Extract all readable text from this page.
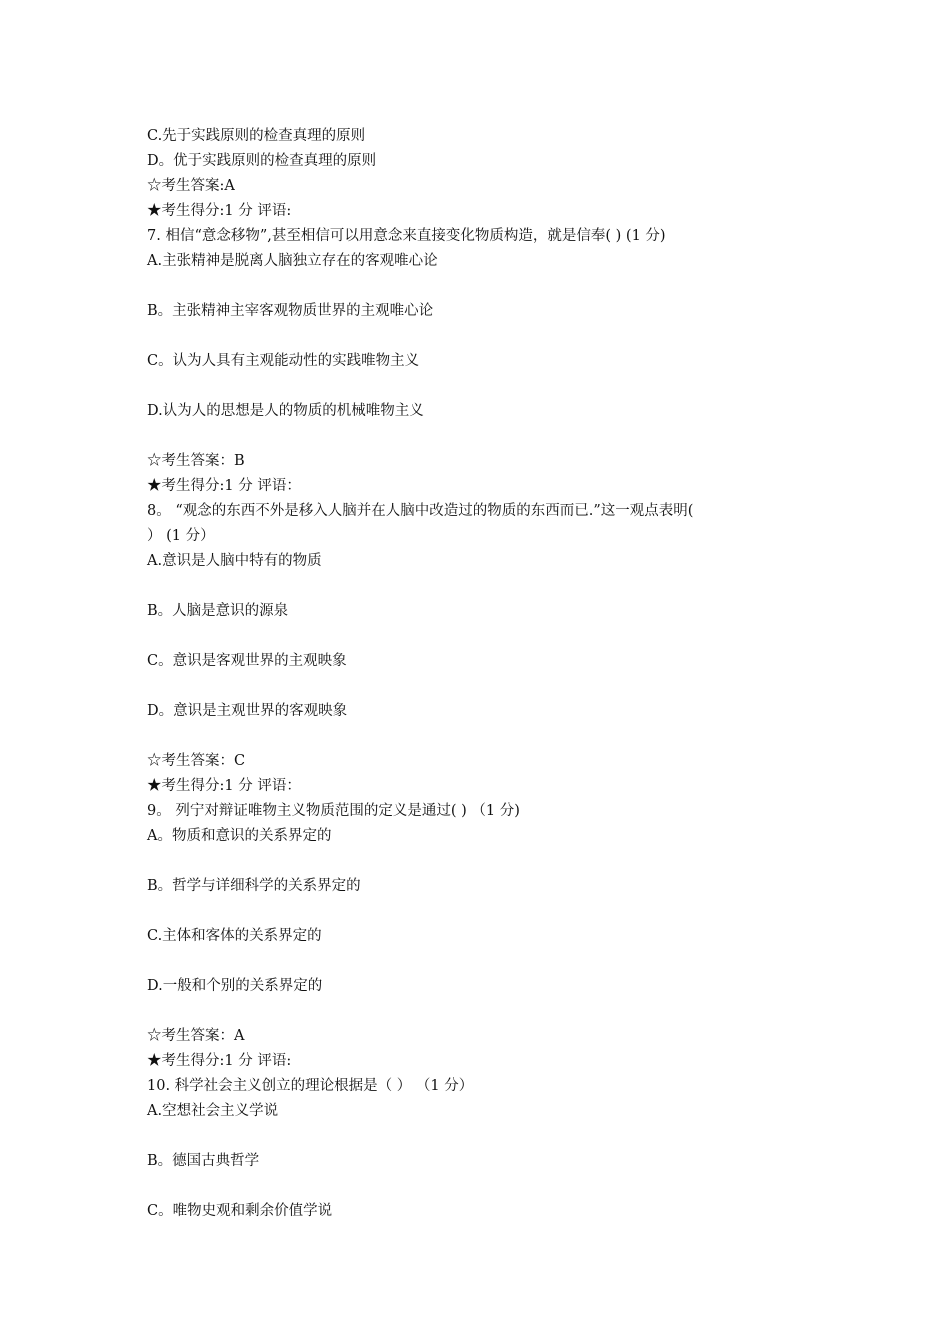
C.先于实践原则的检查真理的原则
D。优于实践原则的检查真理的原则
☆考生答案:A
★考生得分:1 分 评语:
7. 相信“意念移物”,甚至相信可以用意念来直接变化物质构造，就是信奉( ) (1 分)
A.主张精神是脱离人脑独立存在的客观唯心论
B。主张精神主宰客观物质世界的主观唯心论
C。认为人具有主观能动性的实践唯物主义
D.认为人的思想是人的物质的机械唯物主义
☆考生答案：B
★考生得分:1 分 评语：
8。 “观念的东西不外是移入人脑并在人脑中改造过的物质的东西而已.”这一观点表明(
） (1 分）
A.意识是人脑中特有的物质
B。人脑是意识的源泉
C。意识是客观世界的主观映象
D。意识是主观世界的客观映象
☆考生答案：C
★考生得分:1 分 评语：
9。 列宁对辩证唯物主义物质范围的定义是通过( ) （1 分)
A。物质和意识的关系界定的
B。哲学与详细科学的关系界定的
C.主体和客体的关系界定的
D.一般和个别的关系界定的
☆考生答案：A
★考生得分:1 分 评语:
10. 科学社会主义创立的理论根据是（ ） （1 分）
A.空想社会主义学说
B。德国古典哲学
C。唯物史观和剩余价值学说
